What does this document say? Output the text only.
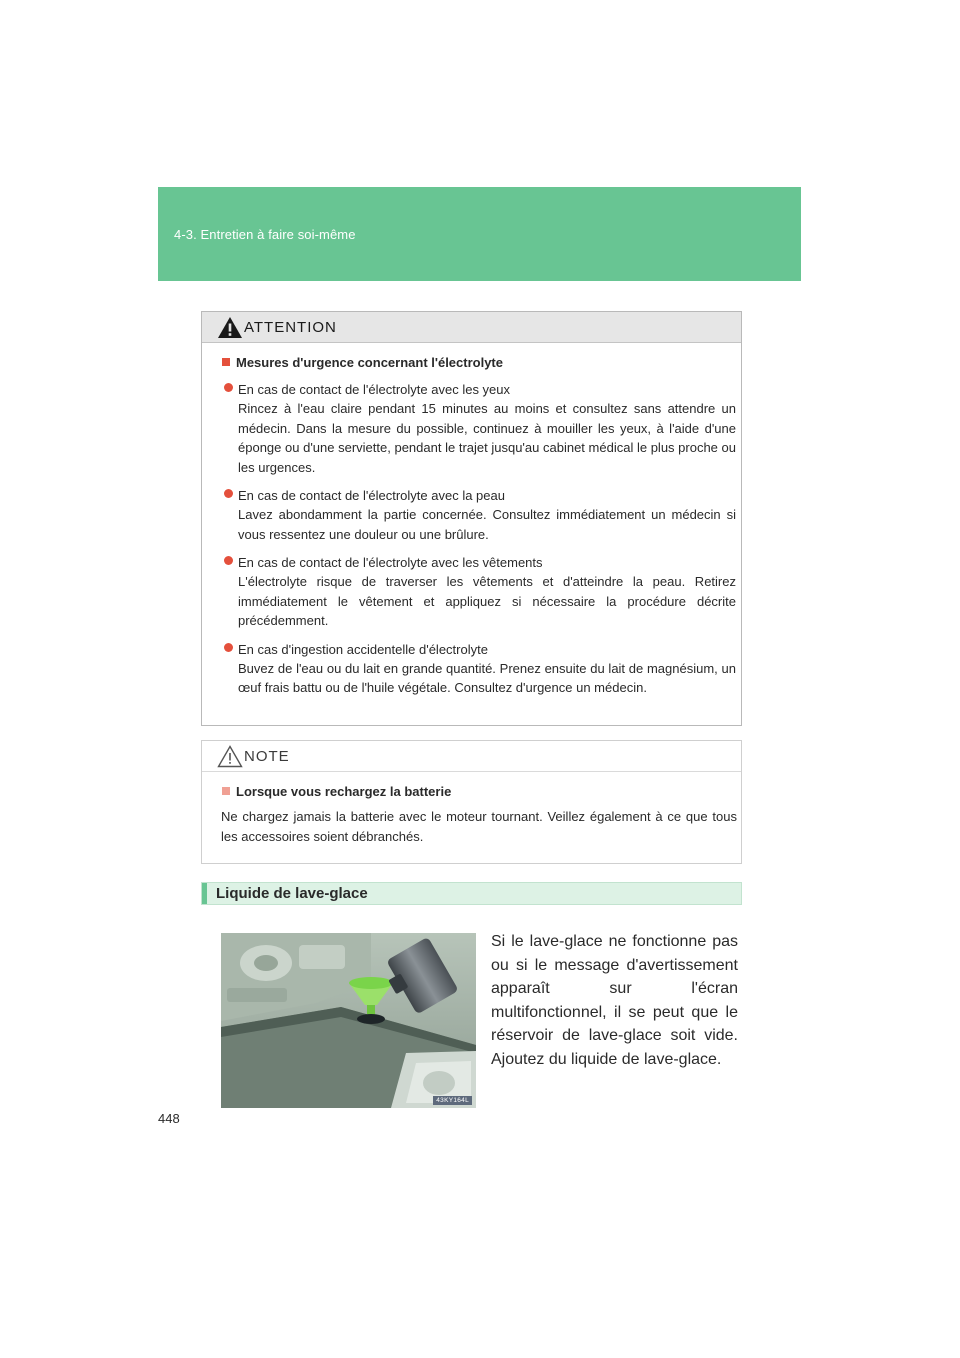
4-3. Entretien à faire soi-même
ATTENTION
Mesures d'urgence concernant l'électrolyte
En cas de contact de l'électrolyte avec les yeux
Rincez à l'eau claire pendant 15 minutes au moins et consultez sans attendre un médecin. Dans la mesure du possible, continuez à mouiller les yeux, à l'aide d'une éponge ou d'une serviette, pendant le trajet jusqu'au cabinet médical le plus proche ou les urgences.
En cas de contact de l'électrolyte avec la peau
Lavez abondamment la partie concernée. Consultez immédiatement un médecin si vous ressentez une douleur ou une brûlure.
En cas de contact de l'électrolyte avec les vêtements
L'électrolyte risque de traverser les vêtements et d'atteindre la peau. Retirez immédiatement le vêtement et appliquez si nécessaire la procédure décrite précédemment.
En cas d'ingestion accidentelle d'électrolyte
Buvez de l'eau ou du lait en grande quantité. Prenez ensuite du lait de magnésium, un œuf frais battu ou de l'huile végétale. Consultez d'urgence un médecin.
NOTE
Lorsque vous rechargez la batterie
Ne chargez jamais la batterie avec le moteur tournant. Veillez également à ce que tous les accessoires soient débranchés.
Liquide de lave-glace
43KY164L
Si le lave-glace ne fonctionne pas ou si le message d'avertissement apparaît sur l'écran multifonctionnel, il se peut que le réservoir de lave-glace soit vide. Ajoutez du liquide de lave-glace.
448
